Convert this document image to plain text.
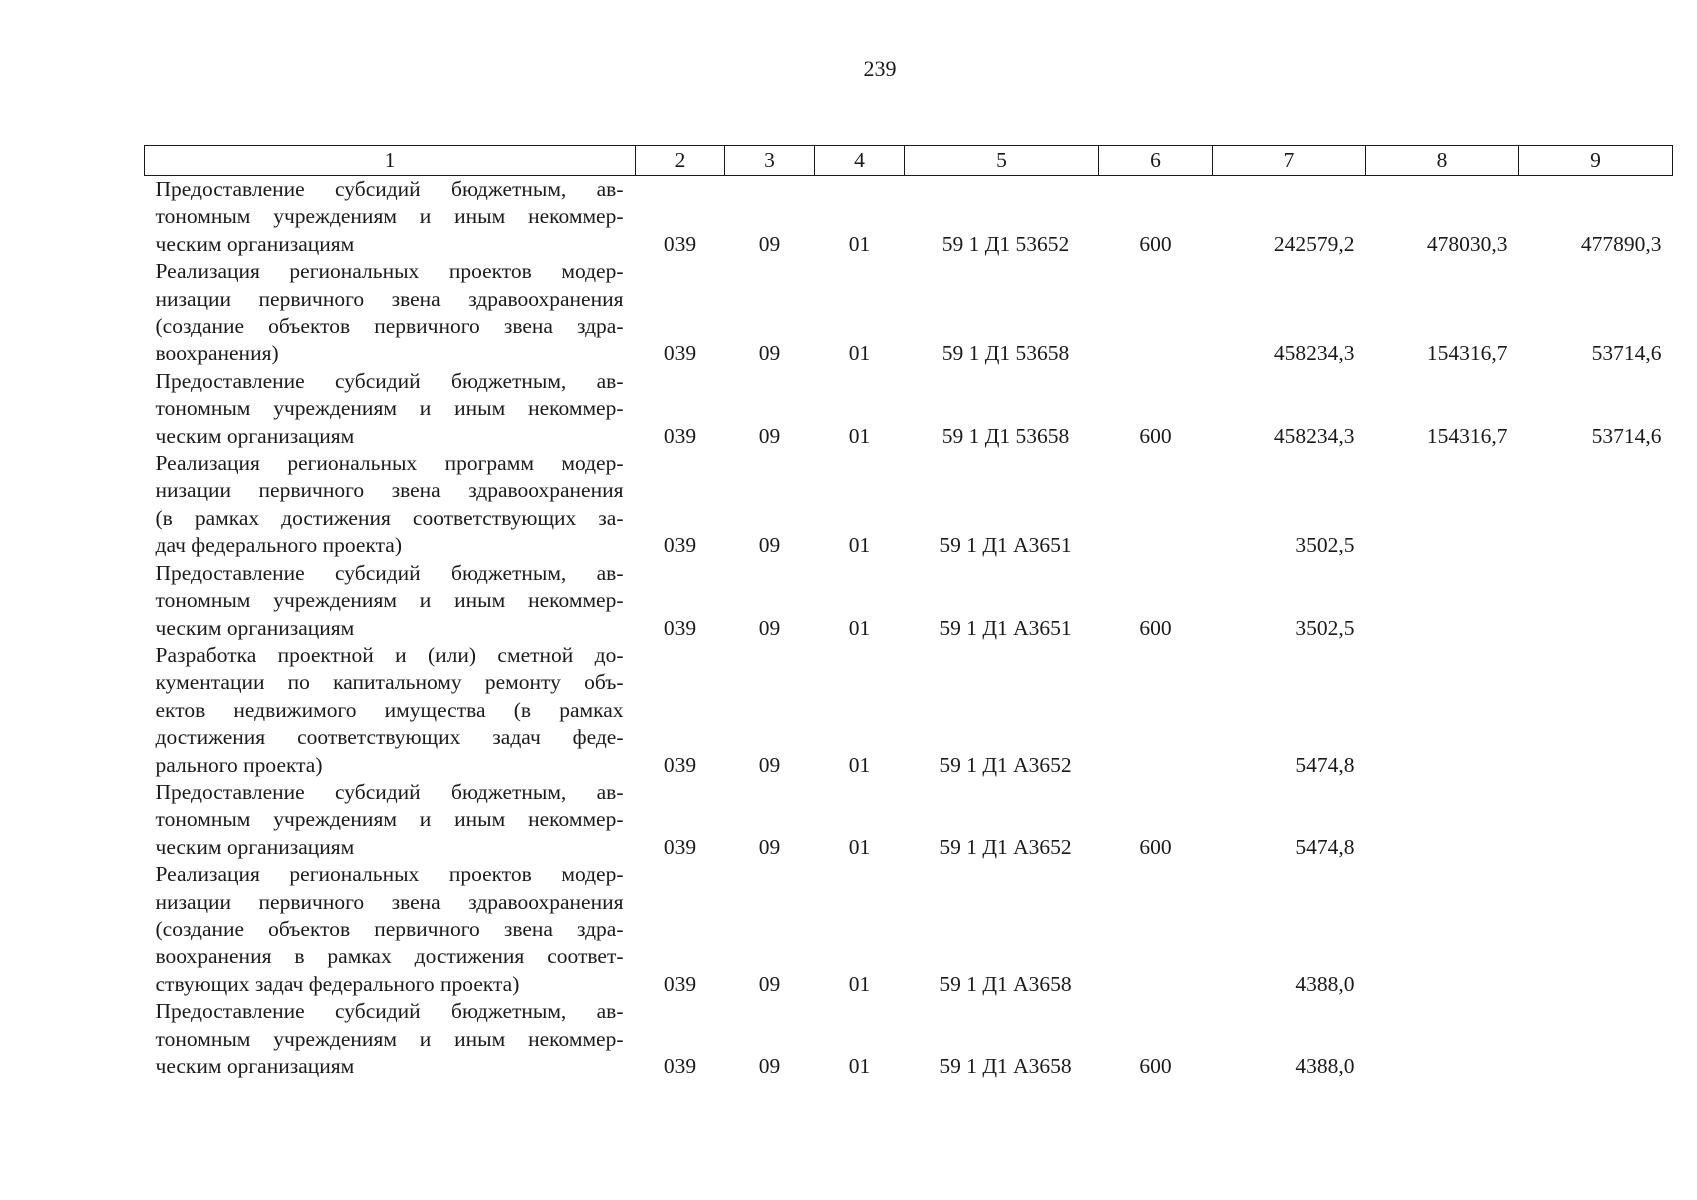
239
1	2	3	4	5	6	7	8	9

Предоставление субсидий бюджетным, ав-
тономным учреждениям и иным некоммер-
ческим организациям	039	09	01	59 1 Д1 53652	600	242579,2	478030,3	477890,3

Реализация региональных проектов модер-
низации первичного звена здравоохранения
(создание объектов первичного звена здра-
воохранения)	039	09	01	59 1 Д1 53658		458234,3	154316,7	53714,6

Предоставление субсидий бюджетным, ав-
тономным учреждениям и иным некоммер-
ческим организациям	039	09	01	59 1 Д1 53658	600	458234,3	154316,7	53714,6

Реализация региональных программ модер-
низации первичного звена здравоохранения
(в рамках достижения соответствующих за-
дач федерального проекта)	039	09	01	59 1 Д1 А3651		3502,5		

Предоставление субсидий бюджетным, ав-
тономным учреждениям и иным некоммер-
ческим организациям	039	09	01	59 1 Д1 А3651	600	3502,5		

Разработка проектной и (или) сметной до-
кументации по капитальному ремонту объ-
ектов недвижимого имущества (в рамках
достижения соответствующих задач феде-
рального проекта)	039	09	01	59 1 Д1 А3652		5474,8		

Предоставление субсидий бюджетным, ав-
тономным учреждениям и иным некоммер-
ческим организациям	039	09	01	59 1 Д1 А3652	600	5474,8		

Реализация региональных проектов модер-
низации первичного звена здравоохранения
(создание объектов первичного звена здра-
воохранения в рамках достижения соответ-
ствующих задач федерального проекта)	039	09	01	59 1 Д1 А3658		4388,0		

Предоставление субсидий бюджетным, ав-
тономным учреждениям и иным некоммер-
ческим организациям	039	09	01	59 1 Д1 А3658	600	4388,0		
